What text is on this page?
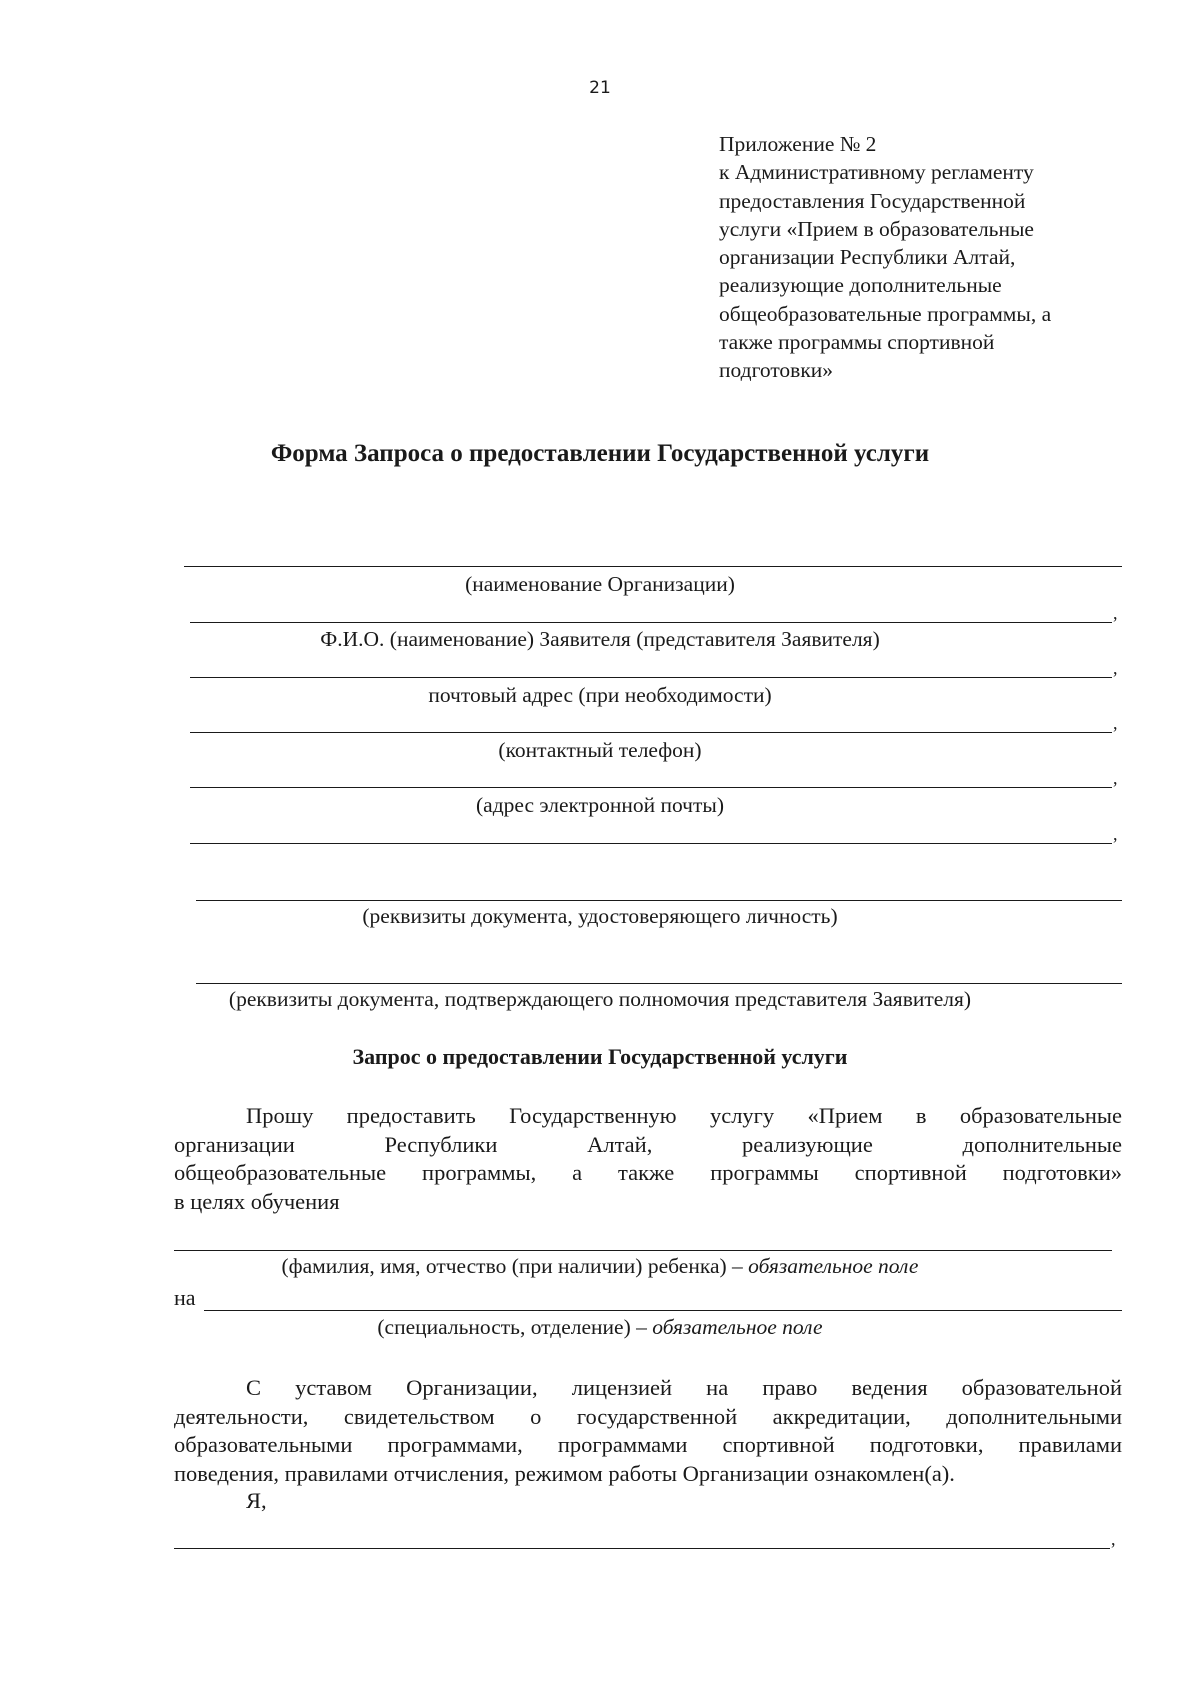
21
Приложение № 2
к Административному регламенту
предоставления Государственной
услуги «Прием в образовательные
организации Республики Алтай,
реализующие дополнительные
общеобразовательные программы, а
также программы спортивной
подготовки»
Форма Запроса о предоставлении Государственной услуги
(наименование Организации)
,
Ф.И.О. (наименование) Заявителя (представителя Заявителя)
,
почтовый адрес (при необходимости)
,
(контактный телефон)
,
(адрес электронной почты)
,
(реквизиты документа, удостоверяющего личность)
(реквизиты документа, подтверждающего полномочия представителя Заявителя)
Запрос о предоставлении Государственной услуги
Прошу предоставить Государственную услугу «Прием в образовательные
организации Республики Алтай, реализующие дополнительные
общеобразовательные программы, а также программы спортивной подготовки»
в целях обучения
(фамилия, имя, отчество (при наличии) ребенка) – обязательное поле
на
(специальность, отделение) – обязательное поле
С уставом Организации, лицензией на право ведения образовательной
деятельности, свидетельством о государственной аккредитации, дополнительными
образовательными программами, программами спортивной подготовки, правилами
поведения, правилами отчисления, режимом работы Организации ознакомлен(а).
Я,
,
